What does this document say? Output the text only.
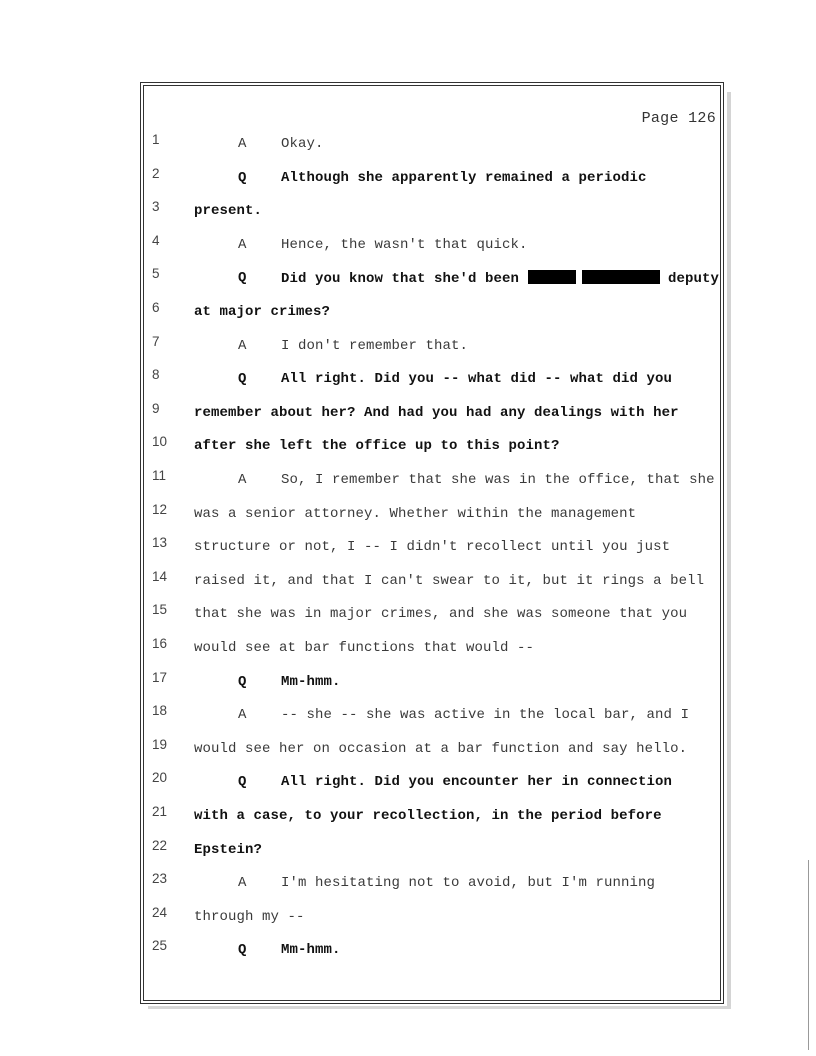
Page 126
1	A Okay.
2	Q Although she apparently remained a periodic
3	present.
4	A Hence, the wasn't that quick.
5	Q Did you know that she'd been	deputy
6	at major crimes?
7	A I don't remember that.
8	Q All right. Did you -- what did -- what did you
9	remember about her? And had you had any dealings with her
10	after she left the office up to this point?
11	A So, I remember that she was in the office, that she
12	was a senior attorney. Whether within the management
13	structure or not, I -- I didn't recollect until you just
14	raised it, and that I can't swear to it, but it rings a bell
15	that she was in major crimes, and she was someone that you
16	would see at bar functions that would --
17	Q Mm-hmm.
18	A -- she -- she was active in the local bar, and I
19	would see her on occasion at a bar function and say hello.
20	Q All right. Did you encounter her in connection
21	with a case, to your recollection, in the period before
22	Epstein?
23	A I'm hesitating not to avoid, but I'm running
24	through my --
25	Q Mm-hmm.
